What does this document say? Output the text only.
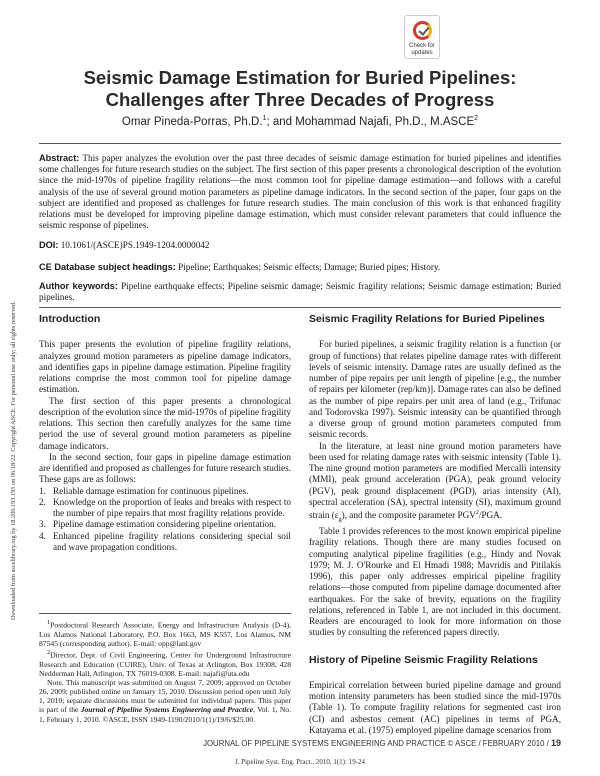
Downloaded from ascelibrary.org by 18.206.193.195 on 06/18/22. Copyright ASCE. For personal use only; all rights reserved.
Check for
updates
Seismic Damage Estimation for Buried Pipelines: Challenges after Three Decades of Progress
Omar Pineda-Porras, Ph.D.$^1$; and Mohammad Najafi, Ph.D., M.ASCE$^2$
Abstract: This paper analyzes the evolution over the past three decades of seismic damage estimation for buried pipelines and identifies some challenges for future research studies on the subject. The first section of this paper presents a chronological description of the evolution since the mid-1970s of pipeline fragility relations—the most common tool for pipeline damage estimation—and follows with a careful analysis of the use of several ground motion parameters as pipeline damage indicators. In the second section of the paper, four gaps on the subject are identified and proposed as challenges for future research studies. The main conclusion of this work is that enhanced fragility relations must be developed for improving pipeline damage estimation, which must consider relevant parameters that could influence the seismic response of pipelines.
DOI: 10.1061/(ASCE)PS.1949-1204.0000042
CE Database subject headings: Pipeline; Earthquakes; Seismic effects; Damage; Buried pipes; History.
Author keywords: Pipeline earthquake effects; Pipeline seismic damage; Seismic fragility relations; Seismic damage estimation; Buried pipelines.
Introduction

This paper presents the evolution of pipeline fragility relations, analyzes ground motion parameters as pipeline damage indicators, and identifies gaps in pipeline damage estimation. Pipeline fragility relations comprise the most common tool for pipeline damage estimation.

The first section of this paper presents a chronological description of the evolution since the mid-1970s of pipeline fragility relations. This section then carefully analyzes for the same time period the use of several ground motion parameters as pipeline damage indicators.

In the second section, four gaps in pipeline damage estimation are identified and proposed as challenges for future research studies. These gaps are as follows:

1. Reliable damage estimation for continuous pipelines.
2. Knowledge on the proportion of leaks and breaks with respect to the number of pipe repairs that most fragility relations provide.
3. Pipeline damage estimation considering pipeline orientation.
4. Enhanced pipeline fragility relations considering special soil and wave propagation conditions.

$^1$Postdoctoral Research Associate, Energy and Infrastructure Analysis (D-4), Los Alamos National Laboratory, P.O. Box 1663, MS K557, Los Alamos, NM 87545 (corresponding author). E-mail: opp@lanl.gov

$^2$Director, Dept. of Civil Engineering, Center for Underground Infrastructure Research and Education (CUIRE), Univ. of Texas at Arlington, Box 19308, 428 Nedderman Hall, Arlington, TX 76019-0308. E-mail: najafi@uta.edu

Note. This manuscript was submitted on August 7, 2009; approved on October 26, 2009; published online on January 15, 2010. Discussion period open until July 1, 2010; separate discussions must be submitted for individual papers. This paper is part of the Journal of Pipeline Systems Engineering and Practice, Vol. 1, No. 1, February 1, 2010. ©ASCE, ISSN 1949-1190/2010/1(1)/19/6/$25.00.

Seismic Fragility Relations for Buried Pipelines

For buried pipelines, a seismic fragility relation is a function (or group of functions) that relates pipeline damage rates with different levels of seismic intensity. Damage rates are usually defined as the number of pipe repairs per unit length of pipeline [e.g., the number of repairs per kilometer (rep/km)]. Damage rates can also be defined as the number of pipe repairs per unit area of land (e.g., Trifunac and Todorovska 1997). Seismic intensity can be quantified through a diverse group of ground motion parameters computed from seismic records.

In the literature, at least nine ground motion parameters have been used for relating damage rates with seismic intensity (Table 1). The nine ground motion parameters are modified Mercalli intensity (MMI), peak ground acceleration (PGA), peak ground velocity (PGV), peak ground displacement (PGD), arias intensity (AI), spectral acceleration (SA), spectral intensity (SI), maximum ground strain $(\varepsilon_g)$, and the composite parameter PGV$^2$/PGA.

Table 1 provides references to the most known empirical pipeline fragility relations. Though there are many studies focused on computing analytical pipeline fragilities (e.g., Hindy and Novak 1979; M. J. O'Rourke and El Hmadi 1988; Mavridis and Pitilakis 1996), this paper only addresses empirical pipeline fragility relations—those computed from pipeline damage documented after earthquakes. For the sake of brevity, equations on the fragility relations, referenced in Table 1, are not included in this document. Readers are encouraged to look for more information on those studies by consulting the referenced papers directly.

History of Pipeline Seismic Fragility Relations

Empirical correlation between buried pipeline damage and ground motion intensity parameters has been studied since the mid-1970s (Table 1). To compute fragility relations for segmented cast iron (CI) and asbestos cement (AC) pipelines in terms of PGA, Katayama et al. (1975) employed pipeline damage scenarios from

JOURNAL OF PIPELINE SYSTEMS ENGINEERING AND PRACTICE © ASCE / FEBRUARY 2010 / 19
J. Pipeline Syst. Eng. Pract., 2010, 1(1): 19-24
